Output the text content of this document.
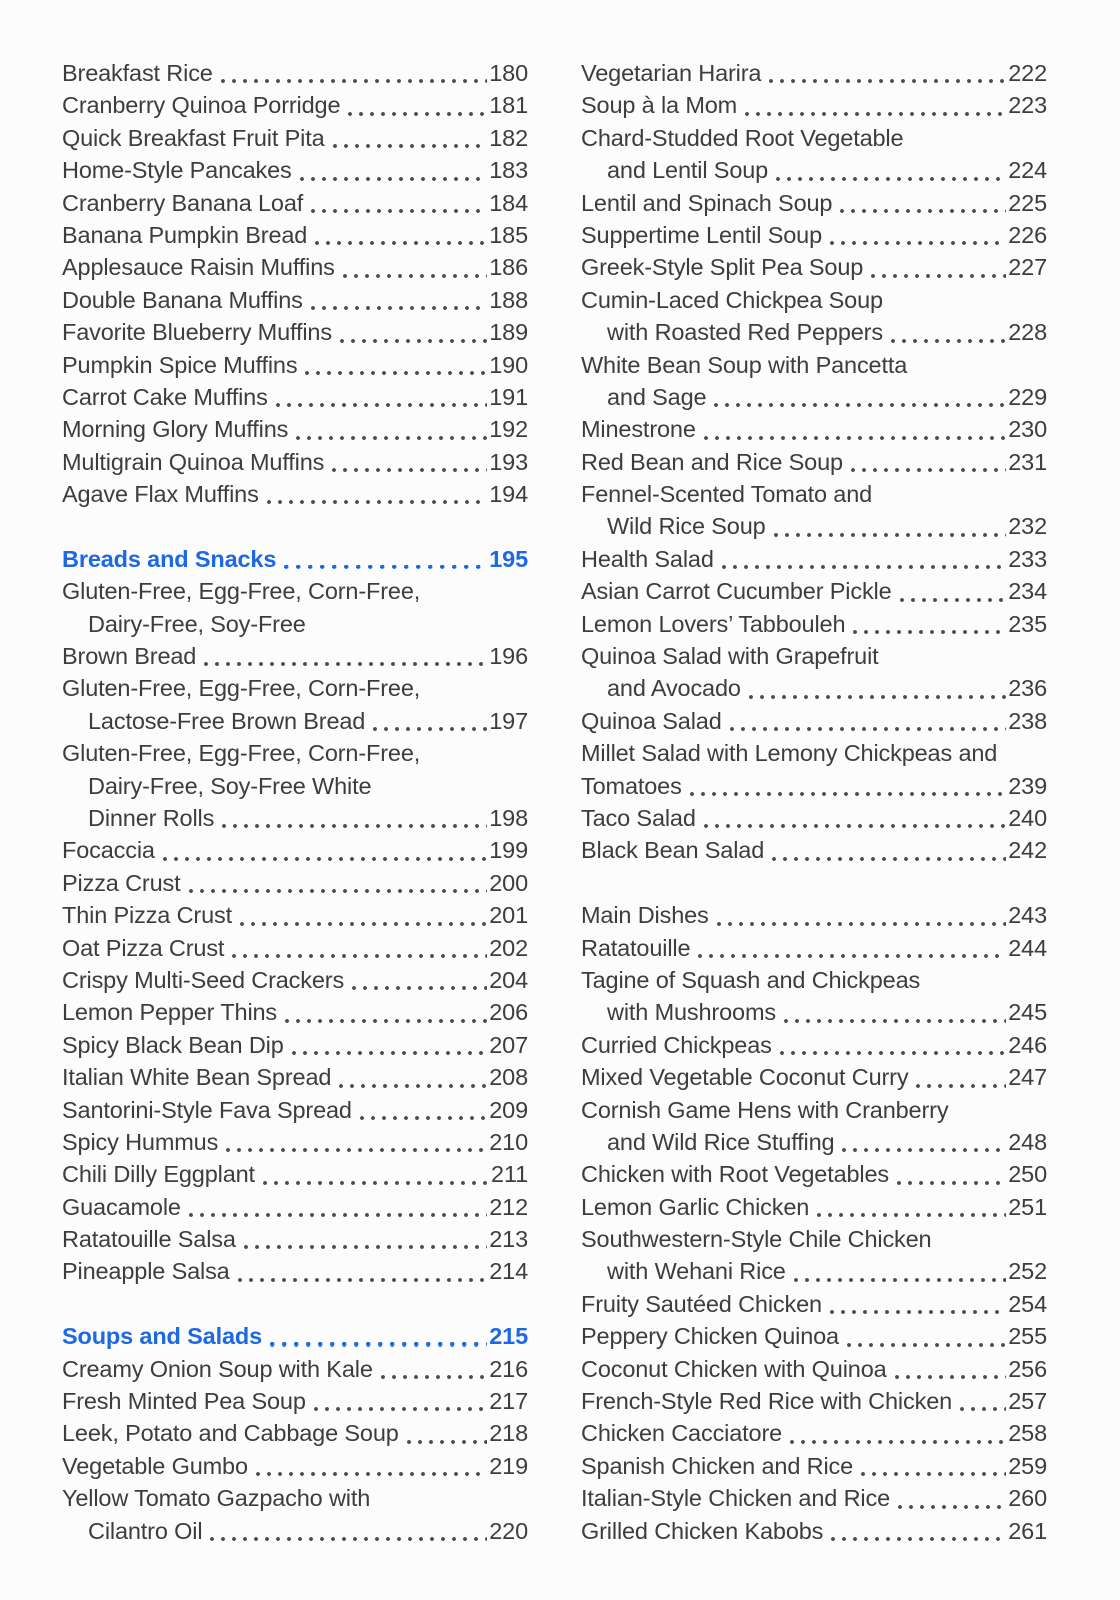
Breakfast Rice	180
Cranberry Quinoa Porridge	181
Quick Breakfast Fruit Pita	182
Home-Style Pancakes	183
Cranberry Banana Loaf	184
Banana Pumpkin Bread	185
Applesauce Raisin Muffins	186
Double Banana Muffins	188
Favorite Blueberry Muffins	189
Pumpkin Spice Muffins	190
Carrot Cake Muffins	191
Morning Glory Muffins	192
Multigrain Quinoa Muffins	193
Agave Flax Muffins	194
Breads and Snacks	195
Gluten-Free, Egg-Free, Corn-Free,
Dairy-Free, Soy-Free
Brown Bread	196
Gluten-Free, Egg-Free, Corn-Free,
Lactose-Free Brown Bread	197
Gluten-Free, Egg-Free, Corn-Free,
Dairy-Free, Soy-Free White
Dinner Rolls	198
Focaccia	199
Pizza Crust	200
Thin Pizza Crust	201
Oat Pizza Crust	202
Crispy Multi-Seed Crackers	204
Lemon Pepper Thins	206
Spicy Black Bean Dip	207
Italian White Bean Spread	208
Santorini-Style Fava Spread	209
Spicy Hummus	210
Chili Dilly Eggplant	211
Guacamole	212
Ratatouille Salsa	213
Pineapple Salsa	214
Soups and Salads	215
Creamy Onion Soup with Kale	216
Fresh Minted Pea Soup	217
Leek, Potato and Cabbage Soup	218
Vegetable Gumbo	219
Yellow Tomato Gazpacho with
Cilantro Oil	220
Vegetarian Harira	222
Soup à la Mom	223
Chard-Studded Root Vegetable
and Lentil Soup	224
Lentil and Spinach Soup	225
Suppertime Lentil Soup	226
Greek-Style Split Pea Soup	227
Cumin-Laced Chickpea Soup
with Roasted Red Peppers	228
White Bean Soup with Pancetta
and Sage	229
Minestrone	230
Red Bean and Rice Soup	231
Fennel-Scented Tomato and
Wild Rice Soup	232
Health Salad	233
Asian Carrot Cucumber Pickle	234
Lemon Lovers’ Tabbouleh	235
Quinoa Salad with Grapefruit
and Avocado	236
Quinoa Salad	238
Millet Salad with Lemony Chickpeas and
Tomatoes	239
Taco Salad	240
Black Bean Salad	242
Main Dishes	243
Ratatouille	244
Tagine of Squash and Chickpeas
with Mushrooms	245
Curried Chickpeas	246
Mixed Vegetable Coconut Curry	247
Cornish Game Hens with Cranberry
and Wild Rice Stuffing	248
Chicken with Root Vegetables	250
Lemon Garlic Chicken	251
Southwestern-Style Chile Chicken
with Wehani Rice	252
Fruity Sautéed Chicken	254
Peppery Chicken Quinoa	255
Coconut Chicken with Quinoa	256
French-Style Red Rice with Chicken 257
Chicken Cacciatore	258
Spanish Chicken and Rice	259
Italian-Style Chicken and Rice	260
Grilled Chicken Kabobs	261
